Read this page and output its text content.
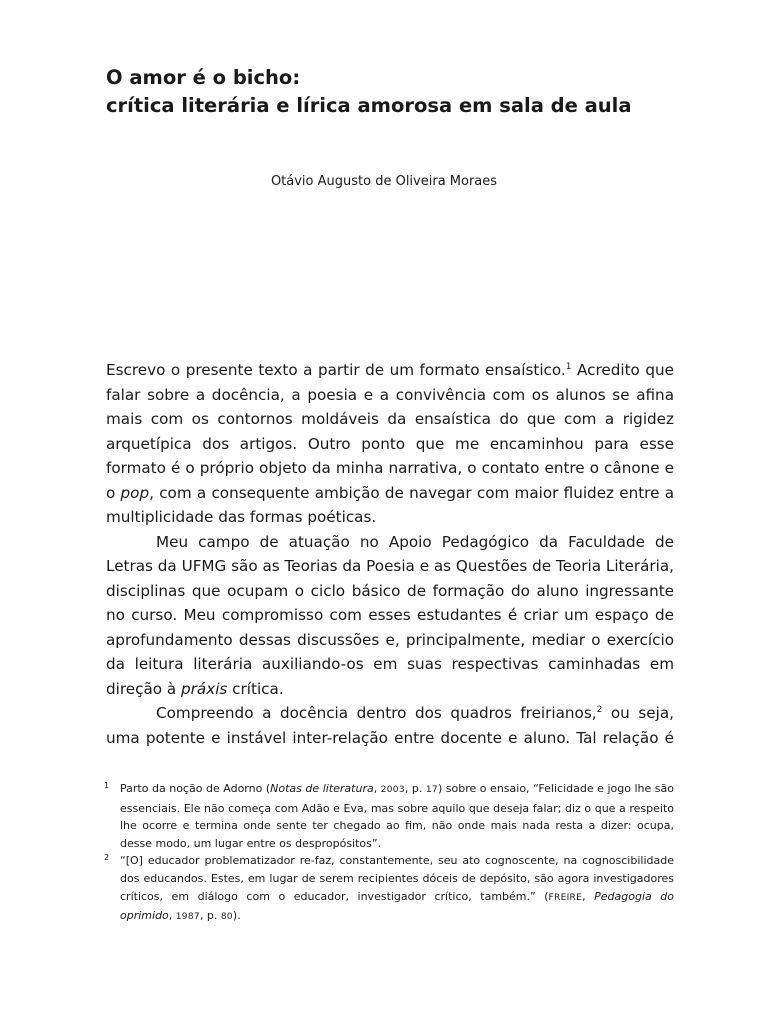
O amor é o bicho:
crítica literária e lírica amorosa em sala de aula
Otávio Augusto de Oliveira Moraes

Escrevo o presente texto a partir de um formato ensaístico.$^1$ Acredito que falar sobre a docência, a poesia e a convivência com os alunos se afina mais com os contornos moldáveis da ensaística do que com a rigidez arquetípica dos artigos. Outro ponto que me encaminhou para esse formato é o próprio objeto da minha narrativa, o contato entre o cânone e o pop, com a consequente ambição de navegar com maior fluidez entre a multiplicidade das formas poéticas.

Meu campo de atuação no Apoio Pedagógico da Faculdade de Letras da UFMG são as Teorias da Poesia e as Questões de Teoria Literária, disciplinas que ocupam o ciclo básico de formação do aluno ingressante no curso. Meu compromisso com esses estudantes é criar um espaço de aprofundamento dessas discussões e, principalmente, mediar o exercício da leitura literária auxiliando-os em suas respectivas caminhadas em direção à práxis crítica.

Compreendo a docência dentro dos quadros freirianos,$^2$ ou seja, uma potente e instável inter-relação entre docente e aluno. Tal relação é

1 Parto da noção de Adorno (Notas de literatura, 2003, p. 17) sobre o ensaio, “Felicidade e jogo lhe são essenciais. Ele não começa com Adão e Eva, mas sobre aquilo que deseja falar; diz o que a respeito lhe ocorre e termina onde sente ter chegado ao fim, não onde mais nada resta a dizer: ocupa, desse modo, um lugar entre os despropósitos”.

2 “[O] educador problematizador re-faz, constantemente, seu ato cognoscente, na cognoscibilidade dos educandos. Estes, em lugar de serem recipientes dóceis de depósito, são agora investigadores críticos, em diálogo com o educador, investigador crítico, também.” (FREIRE, Pedagogia do oprimido, 1987, p. 80).
